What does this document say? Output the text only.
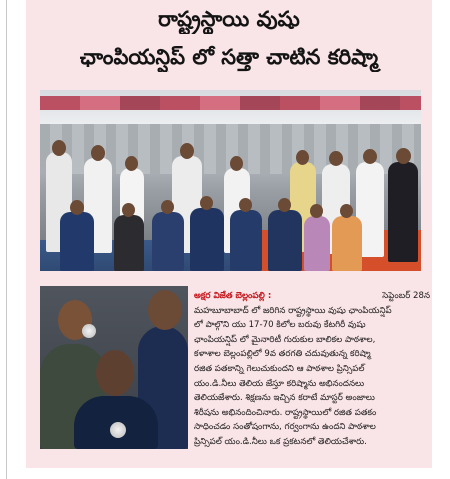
రాష్ట్రస్థాయి వుషు
ఛాంపియన్షిప్ లో సత్తా చాటిన కరిష్మా
అక్షర విజేత బెల్లంపల్లి :	సెప్టెంబర్ 28న
మహబూబాబాద్ లో జరిగిన రాష్ట్రస్థాయి వుషు ఛాంపియన్షిప్
లో పాల్గొని యు 17-70 కిలోల బరువు కేటగిరీ వుషు
ఛాంపియన్షిప్ లో మైనారిటీ గురుకుల బాలికల పాఠశాల,
కళాశాల బెల్లంపల్లిలో 9వ తరగతి చదువుతున్న కరిష్మా
రజిత పతకాన్ని గెలుచుకుందని ఆ పాఠశాల ప్రిన్సిపల్
యం.డి.నీలు తెలియ జేస్తూ కరిష్మాను అభినందనలు
తెలియజేశారు. శిక్షణను ఇచ్చిన కరాటే మాస్టర్ అంజాలు
శిరీషను అభినందించినారు. రాష్ట్రస్థాయిలో రజిత పతకం
సాధించడం సంతోషంగాను, గర్వంగాను ఉందని పాఠశాల
ప్రిన్సిపల్ యం.డి.నీలు ఒక ప్రకటనలో తెలియచేశారు.
